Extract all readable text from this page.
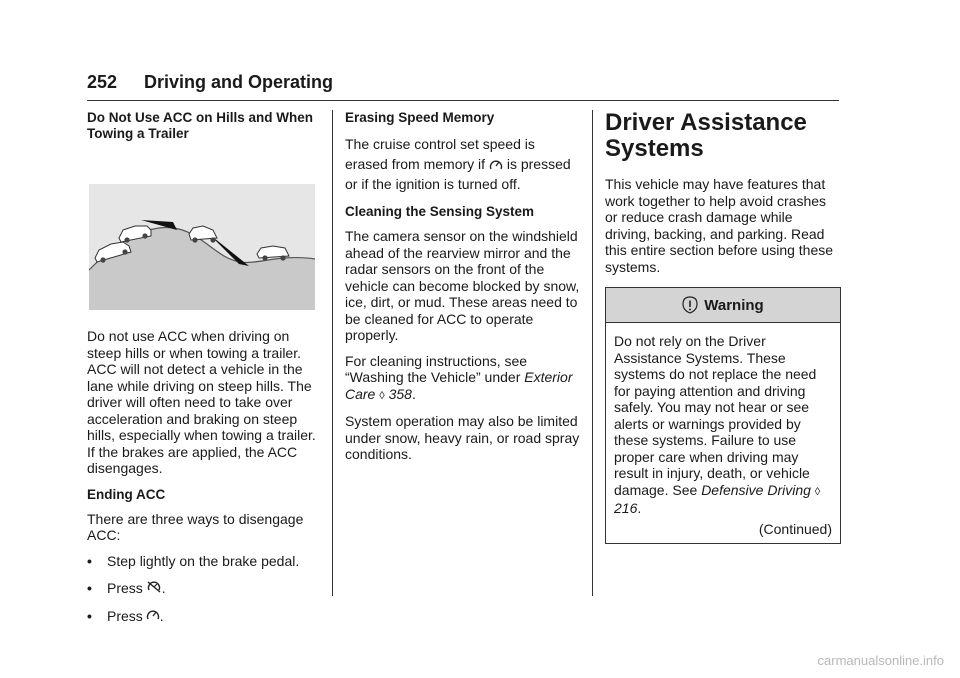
252 Driving and Operating
Do Not Use ACC on Hills and When Towing a Trailer
Do not use ACC when driving on steep hills or when towing a trailer. ACC will not detect a vehicle in the lane while driving on steep hills. The driver will often need to take over acceleration and braking on steep hills, especially when towing a trailer. If the brakes are applied, the ACC disengages.
Ending ACC
There are three ways to disengage ACC:
•	Step lightly on the brake pedal.
•	Press .
•	Press .
Erasing Speed Memory
The cruise control set speed is erased from memory if is pressed or if the ignition is turned off.
Cleaning the Sensing System
The camera sensor on the windshield ahead of the rearview mirror and the radar sensors on the front of the vehicle can become blocked by snow, ice, dirt, or mud. These areas need to be cleaned for ACC to operate properly.
For cleaning instructions, see “Washing the Vehicle” under Exterior Care ◊ 358.
System operation may also be limited under snow, heavy rain, or road spray conditions.
Driver Assistance Systems
This vehicle may have features that work together to help avoid crashes or reduce crash damage while driving, backing, and parking. Read this entire section before using these systems.
Warning
Do not rely on the Driver Assistance Systems. These systems do not replace the need for paying attention and driving safely. You may not hear or see alerts or warnings provided by these systems. Failure to use proper care when driving may result in injury, death, or vehicle damage. See Defensive Driving ◊ 216.
(Continued)
carmanualsonline.info
